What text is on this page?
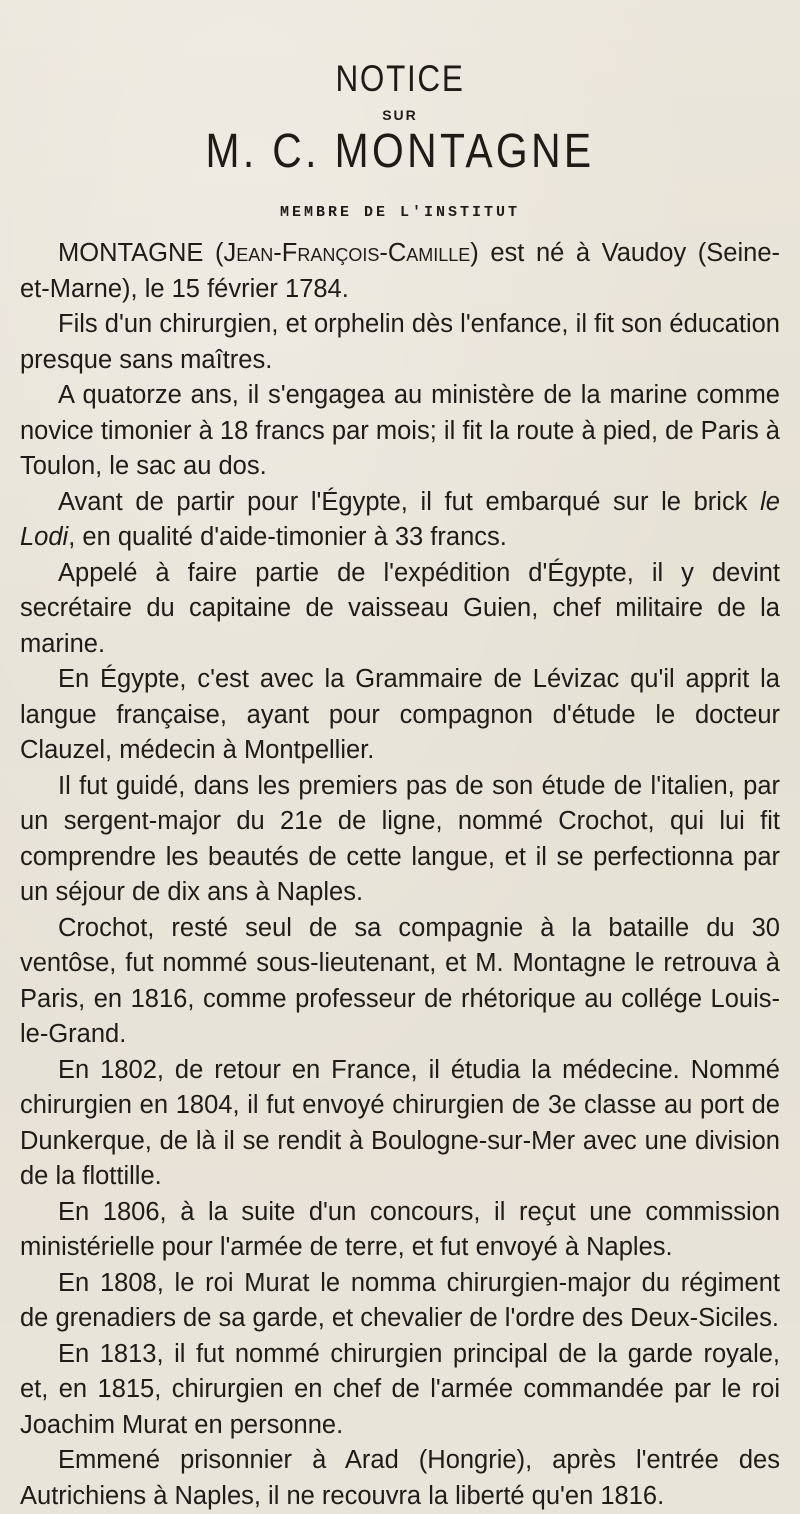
NOTICE
SUR
M. C. MONTAGNE
MEMBRE DE L'INSTITUT

MONTAGNE (Jean-François-Camille) est né à Vaudoy (Seine-et-Marne), le 15 février 1784.

Fils d'un chirurgien, et orphelin dès l'enfance, il fit son éducation presque sans maîtres.

A quatorze ans, il s'engagea au ministère de la marine comme novice timonier à 18 francs par mois; il fit la route à pied, de Paris à Toulon, le sac au dos.

Avant de partir pour l'Égypte, il fut embarqué sur le brick le Lodi, en qualité d'aide-timonier à 33 francs.

Appelé à faire partie de l'expédition d'Égypte, il y devint secrétaire du capitaine de vaisseau Guien, chef militaire de la marine.

En Égypte, c'est avec la Grammaire de Lévizac qu'il apprit la langue française, ayant pour compagnon d'étude le docteur Clauzel, médecin à Montpellier.

Il fut guidé, dans les premiers pas de son étude de l'italien, par un sergent-major du 21e de ligne, nommé Crochot, qui lui fit comprendre les beautés de cette langue, et il se perfectionna par un séjour de dix ans à Naples.

Crochot, resté seul de sa compagnie à la bataille du 30 ventôse, fut nommé sous-lieutenant, et M. Montagne le retrouva à Paris, en 1816, comme professeur de rhétorique au collége Louis-le-Grand.

En 1802, de retour en France, il étudia la médecine. Nommé chirurgien en 1804, il fut envoyé chirurgien de 3e classe au port de Dunkerque, de là il se rendit à Boulogne-sur-Mer avec une division de la flottille.

En 1806, à la suite d'un concours, il reçut une commission ministérielle pour l'armée de terre, et fut envoyé à Naples.

En 1808, le roi Murat le nomma chirurgien-major du régiment de grenadiers de sa garde, et chevalier de l'ordre des Deux-Siciles.

En 1813, il fut nommé chirurgien principal de la garde royale, et, en 1815, chirurgien en chef de l'armée commandée par le roi Joachim Murat en personne.

Emmené prisonnier à Arad (Hongrie), après l'entrée des Autrichiens à Naples, il ne recouvra la liberté qu'en 1816.
